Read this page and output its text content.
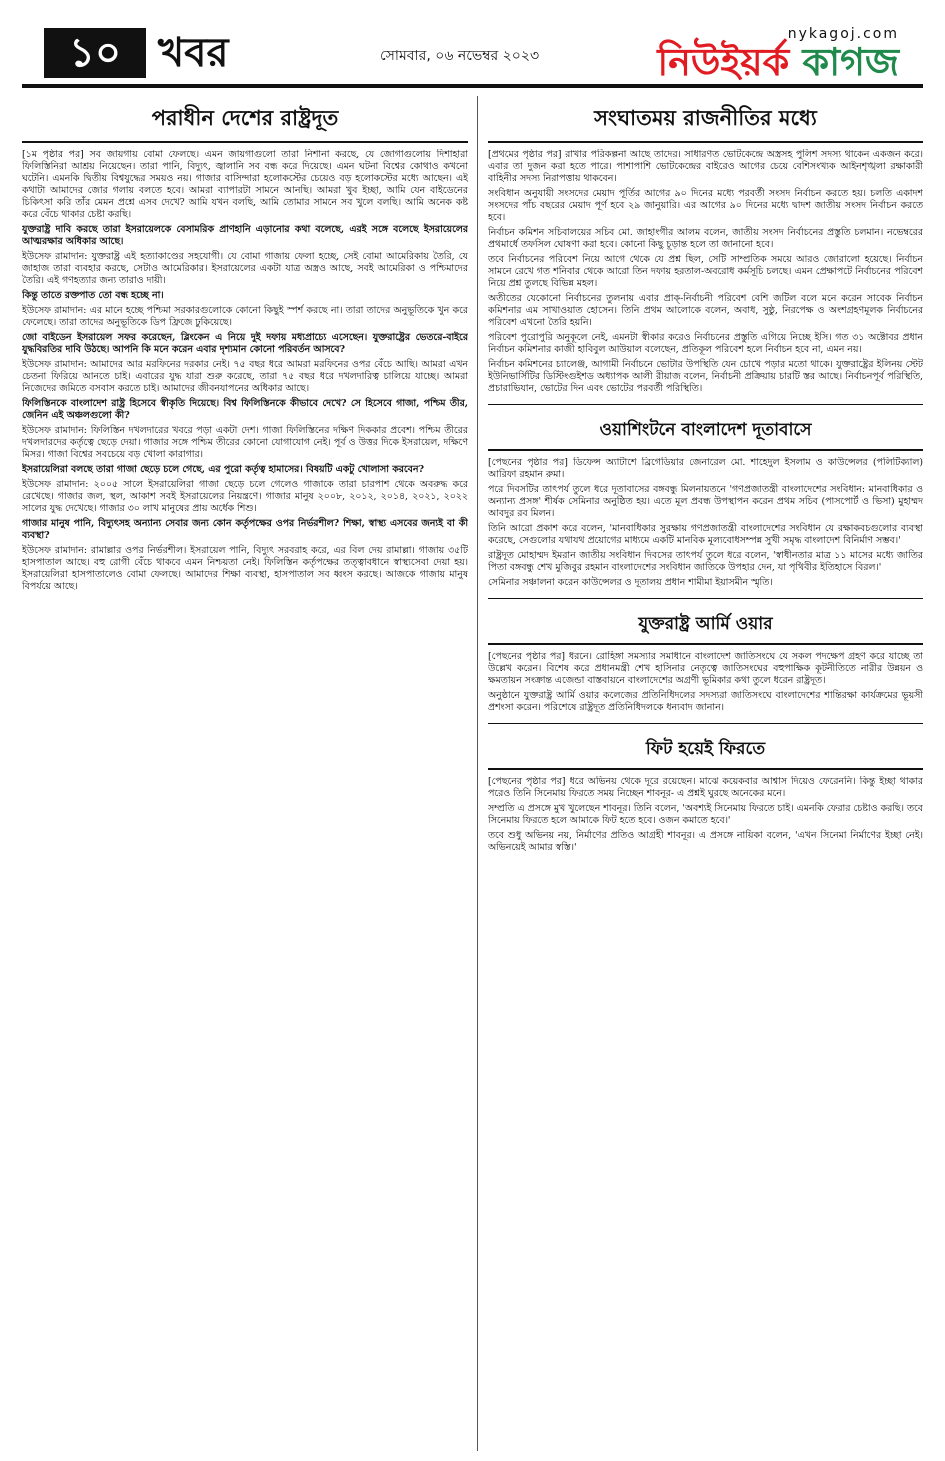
১০ খবর	সোমবার, ০৬ নভেম্বর ২০২৩
nykagoj.com
নিউইয়র্ক কাগজ
পরাধীন দেশের রাষ্ট্রদূত

[১ম পৃষ্ঠার পর] সব জায়গায় বোমা ফেলছে। এমন জায়গাগুলো তারা নিশানা করছে, যে জোগাগুলোয় দিশাহারা ফিলিস্তিনিরা আশ্রয় নিয়েছেন। তারা পানি, বিদ্যুৎ, জ্বালানি সব বন্ধ করে দিয়েছে। এমন ঘটনা বিশ্বের কোথাও কখনো ঘটেনি। এমনকি দ্বিতীয় বিশ্বযুদ্ধের সময়ও নয়। গাজার বাসিন্দারা হলোকস্টের চেয়েও বড় হলোকস্টের মধ্যে আছেন। এই কথাটা আমাদের জোর গলায় বলতে হবে। আমরা ব্যাপারটা সামনে আনছি। আমরা খুব ইচ্ছা, আমি যেন বাইডেনের চিকিৎসা করি তাঁর মেমন প্রশ্নে এসব দেখে? আমি যখন বলছি, আমি তোমার সামনে সব খুলে বলছি। আমি অনেক কষ্ট করে বেঁচে থাকার চেষ্টা করছি।

যুক্তরাষ্ট্র দাবি করছে তারা ইসরায়েলকে বেসামরিক প্রাণহানি এড়ানোর কথা বলেছে, এরই সঙ্গে বলেছে ইসরায়েলের আত্মরক্ষার অধিকার আছে।

ইউসেফ রামাদান: যুক্তরাষ্ট্র এই হত্যাকাণ্ডের সহযোগী। যে বোমা গাজায় ফেলা হচ্ছে, সেই বোমা আমেরিকায় তৈরি, যে জাহাজ তারা ব্যবহার করছে, সেটাও আমেরিকার। ইসরায়েলের একটা যাত্র অস্ত্রও আছে, সবই আমেরিকা ও পশ্চিমাদের তৈরি। এই গণহত্যার জন্য তারাও দায়ী।

কিন্তু তাতে রক্তপাত তো বন্ধ হচ্ছে না।

ইউসেফ রামাদান: এর মানে হচ্ছে পশ্চিমা সরকারগুলোকে কোনো কিছুই স্পর্শ করছে না। তারা তাদের অনুভূতিকে খুন করে ফেলেছে। তারা তাদের অনুভূতিকে ডিপ ফ্রিজে ঢুকিয়েছে।

জো বাইডেন ইসরায়েল সফর করেছেন, ব্লিংকেন এ নিয়ে দুই দফায় মধ্যপ্রাচ্যে এসেছেন। যুক্তরাষ্ট্রের ভেতরে-বাইরে যুদ্ধবিরতির দাবি উঠছে। আপনি কি মনে করেন এবার দৃশ্যমান কোনো পরিবর্তন আসবে?

ইউসেফ রামাদান: আমাদের আর মরফিনের দরকার নেই। ৭৫ বছর ধরে আমরা মরফিনের ওপর বেঁচে আছি। আমরা এখন চেতনা ফিরিয়ে আনতে চাই। এবারের যুদ্ধ যারা শুরু করেছে, তারা ৭৫ বছর ধরে দখলদারিত্ব চালিয়ে যাচ্ছে। আমরা নিজেদের জমিতে বসবাস করতে চাই। আমাদের জীবনযাপনের অধিকার আছে।

ফিলিস্তিনকে বাংলাদেশ রাষ্ট্র হিসেবে স্বীকৃতি দিয়েছে। বিশ্ব ফিলিস্তিনকে কীভাবে দেখে? সে হিসেবে গাজা, পশ্চিম তীর, জেনিন এই অঞ্চলগুলো কী?

ইউসেফ রামাদান: ফিলিস্তিন দখলদারের খবরে পড়া একটা দেশ। গাজা ফিলিস্তিনের দক্ষিণ দিককার প্রবেশ। পশ্চিম তীরের দখলদারদের কর্তৃত্বে ছেড়ে দেয়া। গাজার সঙ্গে পশ্চিম তীরের কোনো যোগাযোগ নেই। পূর্ব ও উত্তর দিকে ইসরায়েল, দক্ষিণে মিসর। গাজা বিশ্বের সবচেয়ে বড় খোলা কারাগার।

ইসরায়েলিরা বলছে তারা গাজা ছেড়ে চলে গেছে, এর পুরো কর্তৃত্ব হামাসের। বিষয়টি একটু খোলাসা করবেন?

ইউসেফ রামাদান: ২০০৫ সালে ইসরায়েলিরা গাজা ছেড়ে চলে গেলেও গাজাকে তারা চারপাশ থেকে অবরুদ্ধ করে রেখেছে। গাজার জল, স্থল, আকাশ সবই ইসরায়েলের নিয়ন্ত্রণে। গাজার মানুষ ২০০৮, ২০১২, ২০১৪, ২০২১, ২০২২ সালের যুদ্ধ দেখেছে। গাজার ৩০ লাখ মানুষের প্রায় অর্ধেক শিশু।

গাজার মানুষ পানি, বিদ্যুৎসহ অন্যান্য সেবার জন্য কোন কর্তৃপক্ষের ওপর নির্ভরশীল? শিক্ষা, স্বাস্থ্য এসবের জন্যই বা কী ব্যবস্থা?

ইউসেফ রামাদান: রামাল্লার ওপর নির্ভরশীল। ইসরায়েল পানি, বিদ্যুৎ সরবরাহ করে, এর বিল দেয় রামাল্লা। গাজায় ৩৫টি হাসপাতাল আছে। বহু রোগী বেঁচে থাকবে এমন নিশ্চয়তা নেই। ফিলিস্তিন কর্তৃপক্ষের তত্ত্বাবধানে স্বাস্থ্যসেবা দেয়া হয়। ইসরায়েলিরা হাসপাতালেও বোমা ফেলছে। আমাদের শিক্ষা ব্যবস্থা, হাসপাতাল সব ধ্বংস করছে। আজকে গাজায় মানুষ বিপর্যয়ে আছে।

সংঘাতময় রাজনীতির মধ্যে

[প্রথমের পৃষ্ঠার পর] রাখার পরিকল্পনা আছে তাদের। সাধারণত ভোটকেন্দ্রে অস্ত্রসহ পুলিশ সদস্য থাকেন একজন করে। এবার তা দুজন করা হতে পারে। পাশাপাশি ভোটকেন্দ্রের বাইরেও আগের চেয়ে বেশিসংখ্যক আইনশৃঙ্খলা রক্ষাকারী বাহিনীর সদস্য নিরাপত্তায় থাকবেন।

সংবিধান অনুযায়ী সংসদের মেয়াদ পূর্তির আগের ৯০ দিনের মধ্যে পরবর্তী সংসদ নির্বাচন করতে হয়। চলতি একাদশ সংসদের পাঁচ বছরের মেয়াদ পূর্ণ হবে ২৯ জানুয়ারি। এর আগের ৯০ দিনের মধ্যে দ্বাদশ জাতীয় সংসদ নির্বাচন করতে হবে।

নির্বাচন কমিশন সচিবালয়ের সচিব মো. জাহাংগীর আলম বলেন, জাতীয় সংসদ নির্বাচনের প্রস্তুতি চলমান। নভেম্বরের প্রথমার্ধে তফসিল ঘোষণা করা হবে। কোনো কিছু চূড়ান্ত হলে তা জানানো হবে।

তবে নির্বাচনের পরিবেশ নিয়ে আগে থেকে যে প্রশ্ন ছিল, সেটি সাম্প্রতিক সময়ে আরও জোরালো হয়েছে। নির্বাচন সামনে রেখে গত শনিবার থেকে আরো তিন দফায় হরতাল-অবরোধ কর্মসূচি চলছে। এমন প্রেক্ষাপটে নির্বাচনের পরিবেশ নিয়ে প্রশ্ন তুলছে বিভিন্ন মহল।

অতীতের যেকোনো নির্বাচনের তুলনায় এবার প্রাক্-নির্বাচনী পরিবেশ বেশি জটিল বলে মনে করেন সাবেক নির্বাচন কমিশনার এম সাখাওয়াত হোসেন। তিনি প্রথম আলোকে বলেন, অবাধ, সুষ্ঠু, নিরপেক্ষ ও অংশগ্রহণমূলক নির্বাচনের পরিবেশ এখনো তৈরি হয়নি।

পরিবেশ পুরোপুরি অনুকূলে নেই, এমনটা স্বীকার করেও নির্বাচনের প্রস্তুতি এগিয়ে নিচ্ছে ইসি। গত ৩১ অক্টোবর প্রধান নির্বাচন কমিশনার কাজী হাবিবুল আউয়াল বলেছেন, প্রতিকূল পরিবেশ হলে নির্বাচন হবে না, এমন নয়।

নির্বাচন কমিশনের চ্যালেঞ্জ, আগামী নির্বাচনে ভোটার উপস্থিতি যেন চোখে পড়ার মতো থাকে। যুক্তরাষ্ট্রের ইলিনয় স্টেট ইউনিভার্সিটির ডিস্টিংগুইশড অধ্যাপক আলী রীয়াজ বলেন, নির্বাচনী প্রক্রিয়ায় চারটি স্তর আছে। নির্বাচনপূর্ব পরিস্থিতি, প্রচারাভিযান, ভোটের দিন এবং ভোটের পরবর্তী পরিস্থিতি।

ওয়াশিংটনে বাংলাদেশ দূতাবাসে

[পেছনের পৃষ্ঠার পর] ডিফেন্স অ্যাটাশে ব্রিগেডিয়ার জেনারেল মো. শাহেদুল ইসলাম ও কাউন্সেলর (পলিটিক্যাল) আরিফা রহমান রুমা।

পরে দিবসটির তাৎপর্য তুলে ধরে দূতাবাসের বঙ্গবন্ধু মিলনায়তনে 'গণপ্রজাতন্ত্রী বাংলাদেশের সংবিধান: মানবাধিকার ও অন্যান্য প্রসঙ্গ' শীর্ষক সেমিনার অনুষ্ঠিত হয়। এতে মূল প্রবন্ধ উপস্থাপন করেন প্রথম সচিব (পাসপোর্ট ও ভিসা) মুহাম্মদ আবদুর রব মিলন।

তিনি আরো প্রকাশ করে বলেন, 'মানবাধিকার সুরক্ষায় গণপ্রজাতন্ত্রী বাংলাদেশের সংবিধান যে রক্ষাকবচগুলোর ব্যবস্থা করেছে, সেগুলোর যথাযথ প্রয়োগের মাধ্যমে একটি মানবিক মূল্যবোধসম্পন্ন সুখী সমৃদ্ধ বাংলাদেশ বিনির্মাণ সম্ভব।'

রাষ্ট্রদূত মোহাম্মদ ইমরান জাতীয় সংবিধান দিবসের তাৎপর্য তুলে ধরে বলেন, 'স্বাধীনতার মাত্র ১১ মাসের মধ্যে জাতির পিতা বঙ্গবন্ধু শেখ মুজিবুর রহমান বাংলাদেশের সংবিধান জাতিকে উপহার দেন, যা পৃথিবীর ইতিহাসে বিরল।'

সেমিনার সঞ্চালনা করেন কাউন্সেলর ও দূতালয় প্রধান শামীমা ইয়াসমীন স্মৃতি।

যুক্তরাষ্ট্র আর্মি ওয়ার

[পেছনের পৃষ্ঠার পর] ধরনে। রোহিঙ্গা সমস্যার সমাধানে বাংলাদেশ জাতিসংঘে যে সকল পদক্ষেপ গ্রহণ করে যাচ্ছে তা উল্লেখ করেন। বিশেষ করে প্রধানমন্ত্রী শেখ হাসিনার নেতৃত্বে জাতিসংঘের বহুপাক্ষিক কূটনীতিতে নারীর উন্নয়ন ও ক্ষমতায়ন সংক্রান্ত এজেন্ডা বাস্তবায়নে বাংলাদেশের অগ্রণী ভূমিকার কথা তুলে ধরেন রাষ্ট্রদূত।

অনুষ্ঠানে যুক্তরাষ্ট্র আর্মি ওয়ার কলেজের প্রতিনিধিদলের সদস্যরা জাতিসংঘে বাংলাদেশের শান্তিরক্ষা কার্যক্রমের ভূয়সী প্রশংসা করেন। পরিশেষে রাষ্ট্রদূত প্রতিনিধিদলকে ধন্যবাদ জানান।

ফিট হয়েই ফিরতে

[পেছনের পৃষ্ঠার পর] ধরে অভিনয় থেকে দূরে রয়েছেন। মাঝে কয়েকবার আশ্বাস দিয়েও ফেরেননি। কিন্তু ইচ্ছা থাকার পরেও তিনি সিনেমায় ফিরতে সময় নিচ্ছেন শাবনূর- এ প্রশ্নই ঘুরছে অনেকের মনে।

সম্প্রতি এ প্রসঙ্গে মুখ খুলেছেন শাবনূর। তিনি বলেন, 'অবশ্যই সিনেমায় ফিরতে চাই। এমনকি ফেরার চেষ্টাও করছি। তবে সিনেমায় ফিরতে হলে আমাকে ফিট হতে হবে। ওজন কমাতে হবে।'

তবে শুধু অভিনয় নয়, নির্মাণের প্রতিও আগ্রহী শাবনূর। এ প্রসঙ্গে নায়িকা বলেন, 'এখন সিনেমা নির্মাণের ইচ্ছা নেই। অভিনয়েই আমার স্বস্তি।'
